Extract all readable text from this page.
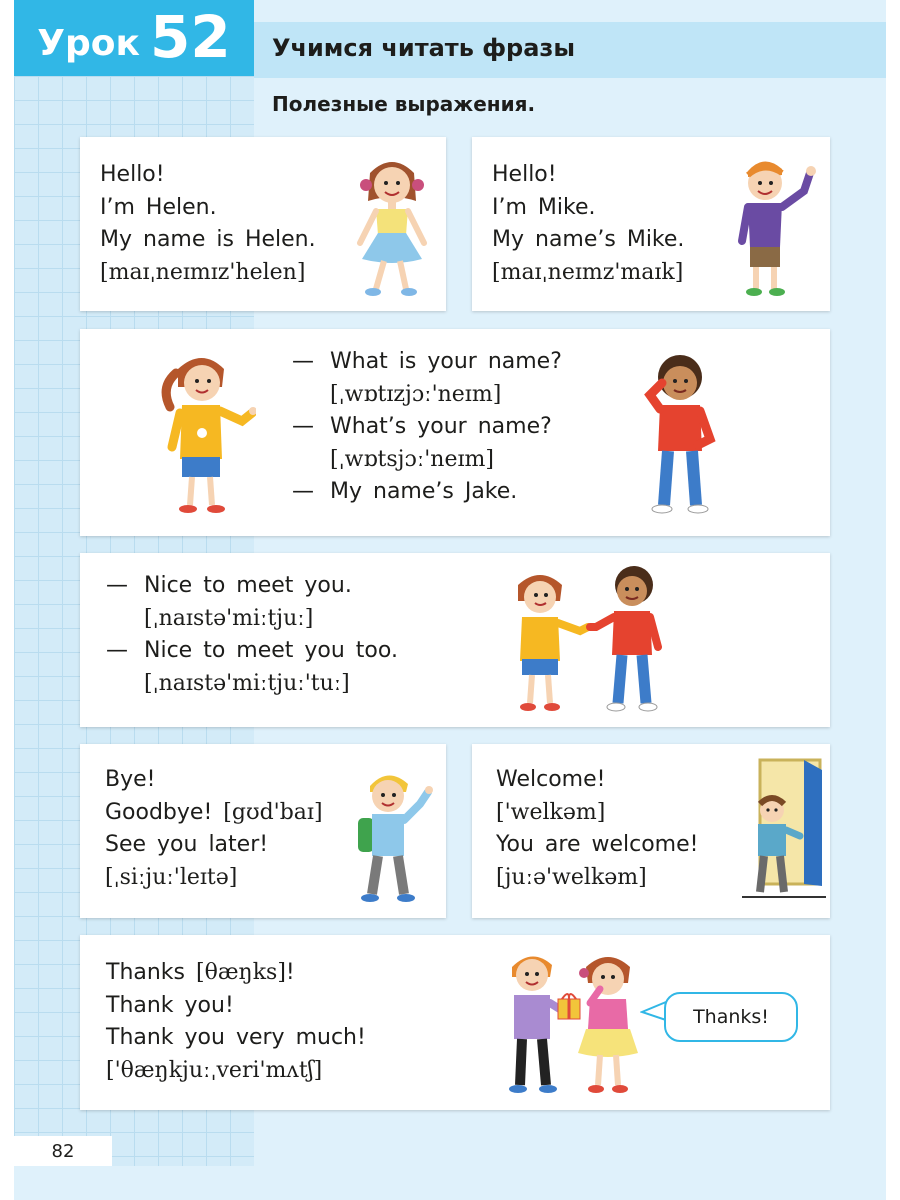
Урок 52 Учимся читать фразы
Полезные выражения.
Hello!
I’m Helen.
My name is Helen.
[maɪˌneɪmɪz'helen]
Hello!
I’m Mike.
My name’s Mike.
[maɪˌneɪmz'maɪk]
— What is your name?
[ˌwɒtɪzjɔː'neɪm]
— What’s your name?
[ˌwɒtsjɔː'neɪm]
— My name’s Jake.
— Nice to meet you.
[ˌnaɪstə'miːtjuː]
— Nice to meet you too.
[ˌnaɪstə'miːtjuː'tuː]
Bye!
Goodbye! [gʊd'baɪ]
See you later!
[ˌsiːjuː'leɪtə]
Welcome!
['welkəm]
You are welcome!
[juːə'welkəm]
Thanks [θæŋks]!
Thank you!
Thank you very much!
['θæŋkjuːˌveri'mʌtʃ]
Thanks!
82
